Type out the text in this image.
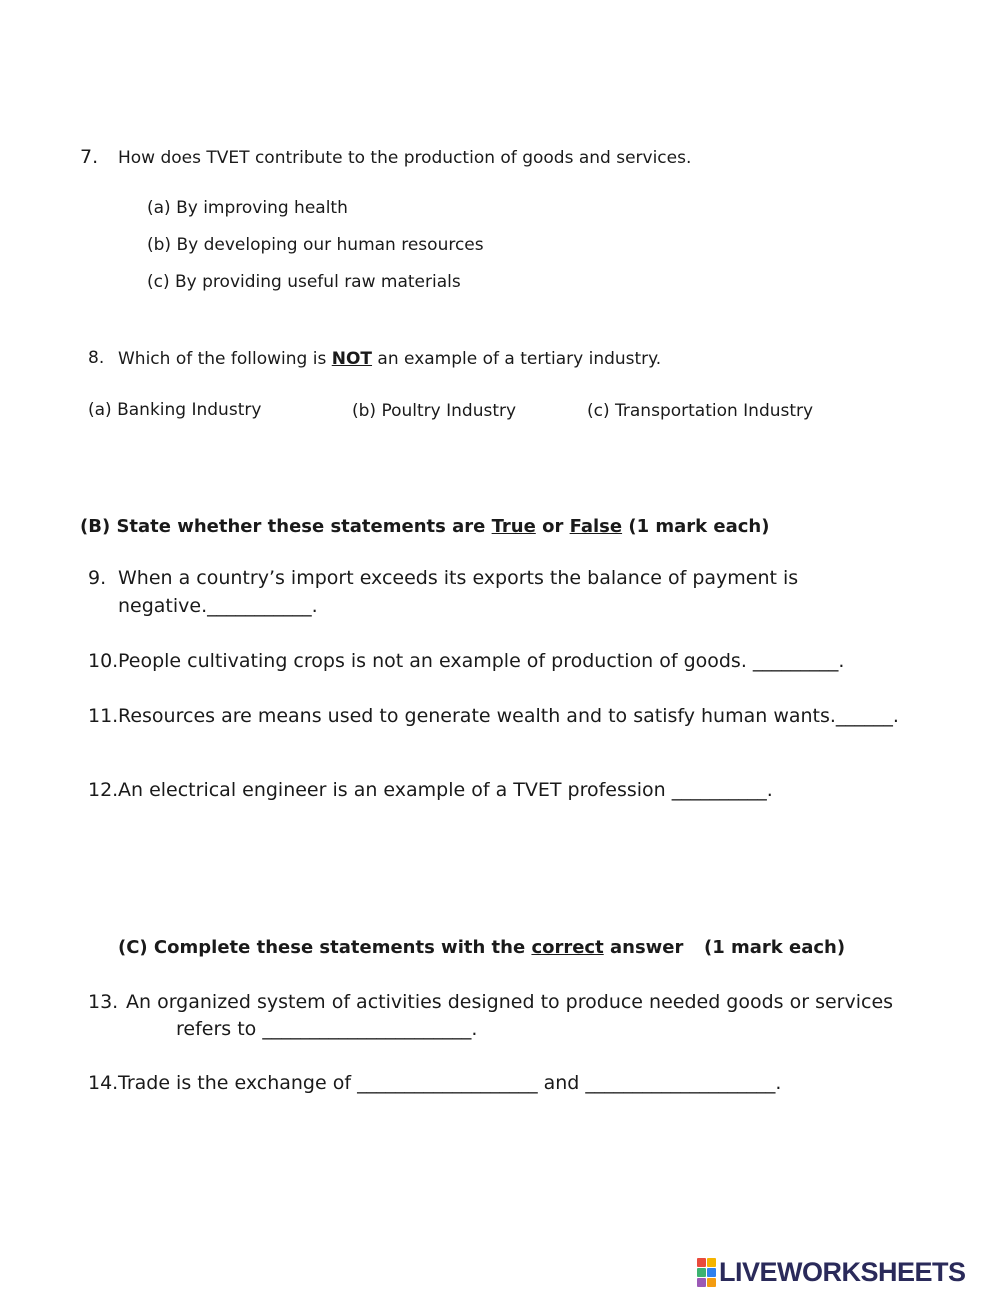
7. How does TVET contribute to the production of goods and services.
(a) By improving health
(b) By developing our human resources
(c) By providing useful raw materials
8. Which of the following is NOT an example of a tertiary industry.
(a) Banking Industry	(b) Poultry Industry	(c) Transportation Industry
(B) State whether these statements are True or False (1 mark each)
9. When a country’s import exceeds its exports the balance of payment is
negative.___________.
10. People cultivating crops is not an example of production of goods. _________.
11. Resources are means used to generate wealth and to satisfy human wants.______.
12. An electrical engineer is an example of a TVET profession __________.
(C) Complete these statements with the correct answer (1 mark each)
13. An organized system of activities designed to produce needed goods or services
refers to ______________________.
14. Trade is the exchange of ___________________ and ____________________.
LIVEWORKSHEETS
